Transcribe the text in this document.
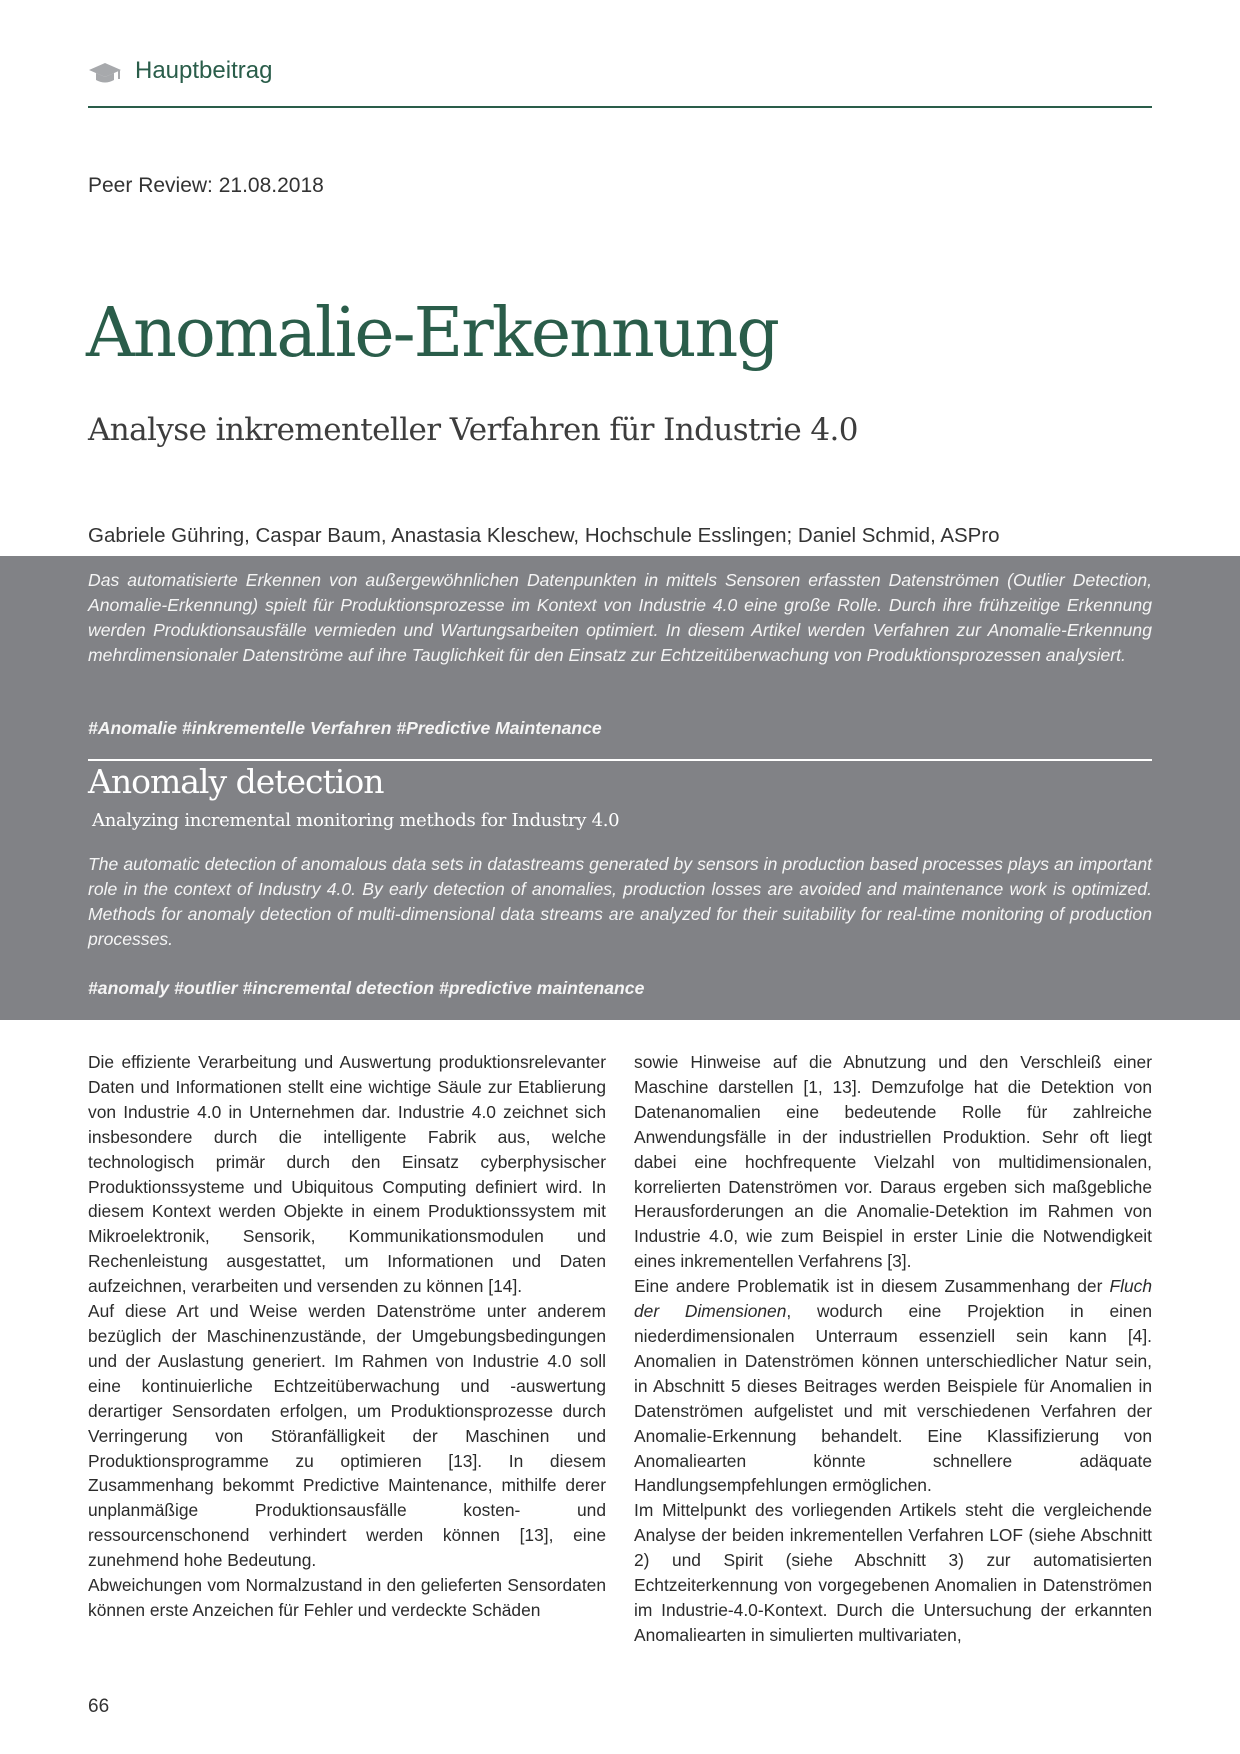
Hauptbeitrag
Peer Review: 21.08.2018
Anomalie-Erkennung
Analyse inkrementeller Verfahren für Industrie 4.0
Gabriele Gühring, Caspar Baum, Anastasia Kleschew, Hochschule Esslingen; Daniel Schmid, ASPro

Das automatisierte Erkennen von außergewöhnlichen Datenpunkten in mittels Sensoren erfassten Datenströmen (Outlier Detection, Anomalie-Erkennung) spielt für Produktionsprozesse im Kontext von Industrie 4.0 eine große Rolle. Durch ihre frühzeitige Erkennung werden Produktionsausfälle vermieden und Wartungsarbeiten optimiert. In diesem Artikel werden Verfahren zur Anomalie-Erkennung mehrdimensionaler Datenströme auf ihre Tauglichkeit für den Einsatz zur Echtzeitüberwachung von Produktionsprozessen analysiert.

#Anomalie #inkrementelle Verfahren #Predictive Maintenance
Anomaly detection
Analyzing incremental monitoring methods for Industry 4.0

The automatic detection of anomalous data sets in datastreams generated by sensors in production based processes plays an important role in the context of Industry 4.0. By early detection of anomalies, production losses are avoided and maintenance work is optimized. Methods for anomaly detection of multi-dimensional data streams are analyzed for their suitability for real-time monitoring of production processes.

#anomaly #outlier #incremental detection #predictive maintenance

Die effiziente Verarbeitung und Auswertung produktionsrelevanter Daten und Informationen stellt eine wichtige Säule zur Etablierung von Industrie 4.0 in Unternehmen dar. Industrie 4.0 zeichnet sich insbesondere durch die intelligente Fabrik aus, welche technologisch primär durch den Einsatz cyberphysischer Produktionssysteme und Ubiquitous Computing definiert wird. In diesem Kontext werden Objekte in einem Produktionssystem mit Mikroelektronik, Sensorik, Kommunikationsmodulen und Rechenleistung ausgestattet, um Informationen und Daten aufzeichnen, verarbeiten und versenden zu können [14].

Auf diese Art und Weise werden Datenströme unter anderem bezüglich der Maschinenzustände, der Umgebungsbedingungen und der Auslastung generiert. Im Rahmen von Industrie 4.0 soll eine kontinuierliche Echtzeitüberwachung und -auswertung derartiger Sensordaten erfolgen, um Produktionsprozesse durch Verringerung von Störanfälligkeit der Maschinen und Produktionsprogramme zu optimieren [13]. In diesem Zusammenhang bekommt Predictive Maintenance, mithilfe derer unplanmäßige Produktionsausfälle kosten- und ressourcenschonend verhindert werden können [13], eine zunehmend hohe Bedeutung.

Abweichungen vom Normalzustand in den gelieferten Sensordaten können erste Anzeichen für Fehler und verdeckte Schäden

sowie Hinweise auf die Abnutzung und den Verschleiß einer Maschine darstellen [1, 13]. Demzufolge hat die Detektion von Datenanomalien eine bedeutende Rolle für zahlreiche Anwendungsfälle in der industriellen Produktion. Sehr oft liegt dabei eine hochfrequente Vielzahl von multidimensionalen, korrelierten Datenströmen vor. Daraus ergeben sich maßgebliche Herausforderungen an die Anomalie-Detektion im Rahmen von Industrie 4.0, wie zum Beispiel in erster Linie die Notwendigkeit eines inkrementellen Verfahrens [3].

Eine andere Problematik ist in diesem Zusammenhang der Fluch der Dimensionen, wodurch eine Projektion in einen niederdimensionalen Unterraum essenziell sein kann [4]. Anomalien in Datenströmen können unterschiedlicher Natur sein, in Abschnitt 5 dieses Beitrages werden Beispiele für Anomalien in Datenströmen aufgelistet und mit verschiedenen Verfahren der Anomalie-Erkennung behandelt. Eine Klassifizierung von Anomaliearten könnte schnellere adäquate Handlungsempfehlungen ermöglichen.

Im Mittelpunkt des vorliegenden Artikels steht die vergleichende Analyse der beiden inkrementellen Verfahren LOF (siehe Abschnitt 2) und Spirit (siehe Abschnitt 3) zur automatisierten Echtzeiterkennung von vorgegebenen Anomalien in Datenströmen im Industrie-4.0-Kontext. Durch die Untersuchung der erkannten Anomaliearten in simulierten multivariaten,

66
